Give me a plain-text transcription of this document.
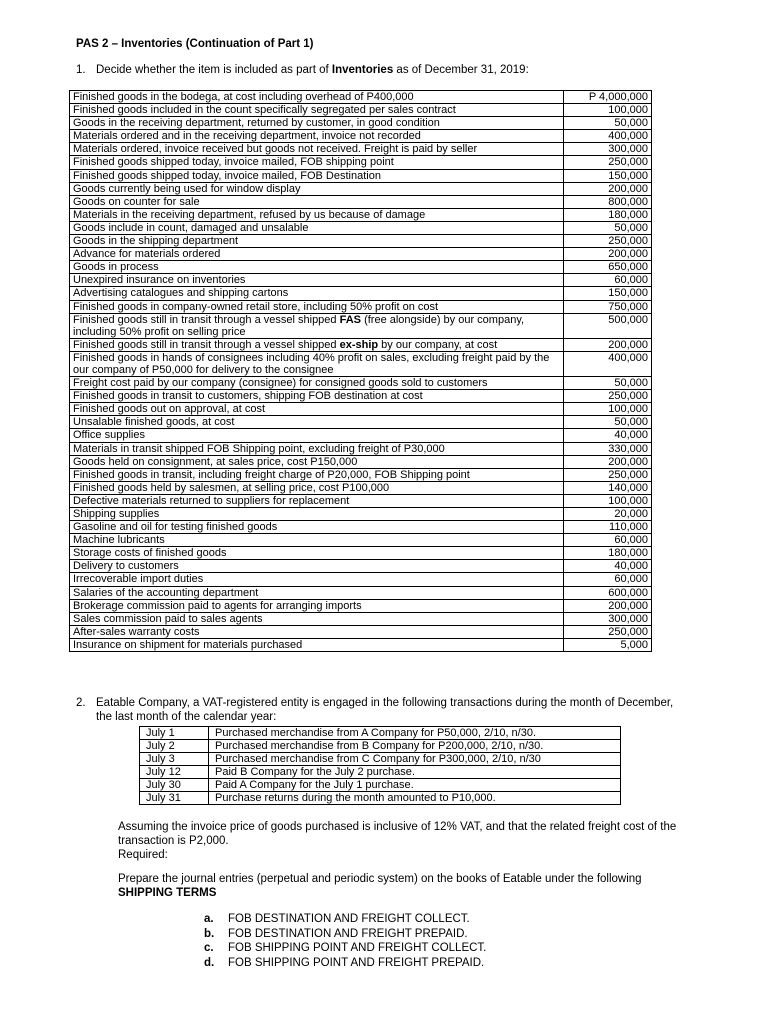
PAS 2 – Inventories (Continuation of Part 1)
1. Decide whether the item is included as part of Inventories as of December 31, 2019:
Finished goods in the bodega, at cost including overhead of P400,000	P 4,000,000
Finished goods included in the count specifically segregated per sales contract	100,000
Goods in the receiving department, returned by customer, in good condition	50,000
Materials ordered and in the receiving department, invoice not recorded	400,000
Materials ordered, invoice received but goods not received. Freight is paid by seller	300,000
Finished goods shipped today, invoice mailed, FOB shipping point	250,000
Finished goods shipped today, invoice mailed, FOB Destination	150,000
Goods currently being used for window display	200,000
Goods on counter for sale	800,000
Materials in the receiving department, refused by us because of damage	180,000
Goods include in count, damaged and unsalable	50,000
Goods in the shipping department	250,000
Advance for materials ordered	200,000
Goods in process	650,000
Unexpired insurance on inventories	60,000
Advertising catalogues and shipping cartons	150,000
Finished goods in company-owned retail store, including 50% profit on cost	750,000
Finished goods still in transit through a vessel shipped FAS (free alongside) by our company, including 50% profit on selling price	500,000
Finished goods still in transit through a vessel shipped ex-ship by our company, at cost	200,000
Finished goods in hands of consignees including 40% profit on sales, excluding freight paid by the our company of P50,000 for delivery to the consignee	400,000
Freight cost paid by our company (consignee) for consigned goods sold to customers	50,000
Finished goods in transit to customers, shipping FOB destination at cost	250,000
Finished goods out on approval, at cost	100,000
Unsalable finished goods, at cost	50,000
Office supplies	40,000
Materials in transit shipped FOB Shipping point, excluding freight of P30,000	330,000
Goods held on consignment, at sales price, cost P150,000	200,000
Finished goods in transit, including freight charge of P20,000, FOB Shipping point	250,000
Finished goods held by salesmen, at selling price, cost P100,000	140,000
Defective materials returned to suppliers for replacement	100,000
Shipping supplies	20,000
Gasoline and oil for testing finished goods	110,000
Machine lubricants	60,000
Storage costs of finished goods	180,000
Delivery to customers	40,000
Irrecoverable import duties	60,000
Salaries of the accounting department	600,000
Brokerage commission paid to agents for arranging imports	200,000
Sales commission paid to sales agents	300,000
After-sales warranty costs	250,000
Insurance on shipment for materials purchased	5,000
2. Eatable Company, a VAT-registered entity is engaged in the following transactions during the month of December, the last month of the calendar year:
July 1	Purchased merchandise from A Company for P50,000, 2/10, n/30.
July 2	Purchased merchandise from B Company for P200,000, 2/10, n/30.
July 3	Purchased merchandise from C Company for P300,000, 2/10, n/30
July 12	Paid B Company for the July 2 purchase.
July 30	Paid A Company for the July 1 purchase.
July 31	Purchase returns during the month amounted to P10,000.
Assuming the invoice price of goods purchased is inclusive of 12% VAT, and that the related freight cost of the transaction is P2,000.
Required:
Prepare the journal entries (perpetual and periodic system) on the books of Eatable under the following
SHIPPING TERMS
a. FOB DESTINATION AND FREIGHT COLLECT.
b. FOB DESTINATION AND FREIGHT PREPAID.
c. FOB SHIPPING POINT AND FREIGHT COLLECT.
d. FOB SHIPPING POINT AND FREIGHT PREPAID.
